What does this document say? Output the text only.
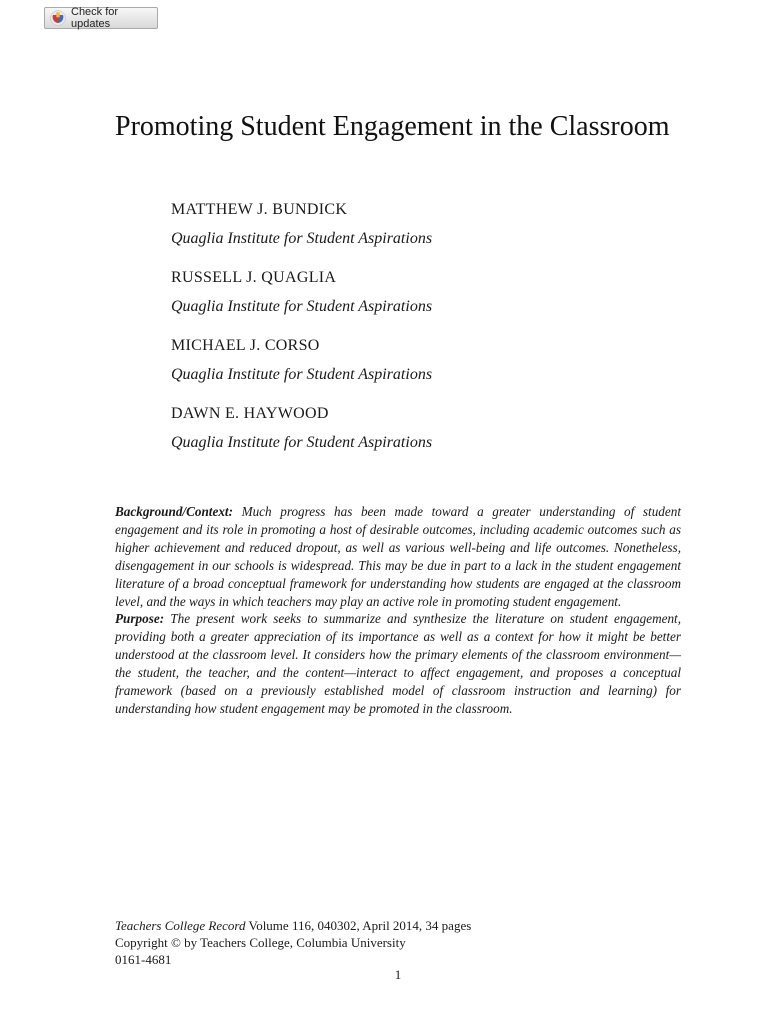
Check for updates
Promoting Student Engagement in the Classroom
MATTHEW J. BUNDICK
Quaglia Institute for Student Aspirations
RUSSELL J. QUAGLIA
Quaglia Institute for Student Aspirations
MICHAEL J. CORSO
Quaglia Institute for Student Aspirations
DAWN E. HAYWOOD
Quaglia Institute for Student Aspirations

Background/Context: Much progress has been made toward a greater understanding of student engagement and its role in promoting a host of desirable outcomes, including academic outcomes such as higher achievement and reduced dropout, as well as various well-being and life outcomes. Nonetheless, disengagement in our schools is widespread. This may be due in part to a lack in the student engagement literature of a broad conceptual framework for understanding how students are engaged at the classroom level, and the ways in which teachers may play an active role in promoting student engagement.

Purpose: The present work seeks to summarize and synthesize the literature on student engagement, providing both a greater appreciation of its importance as well as a context for how it might be better understood at the classroom level. It considers how the primary elements of the classroom environment—the student, the teacher, and the content—interact to affect engagement, and proposes a conceptual framework (based on a previously established model of classroom instruction and learning) for understanding how student engagement may be promoted in the classroom.

Teachers College Record Volume 116, 040302, April 2014, 34 pages
Copyright © by Teachers College, Columbia University
0161-4681
1
